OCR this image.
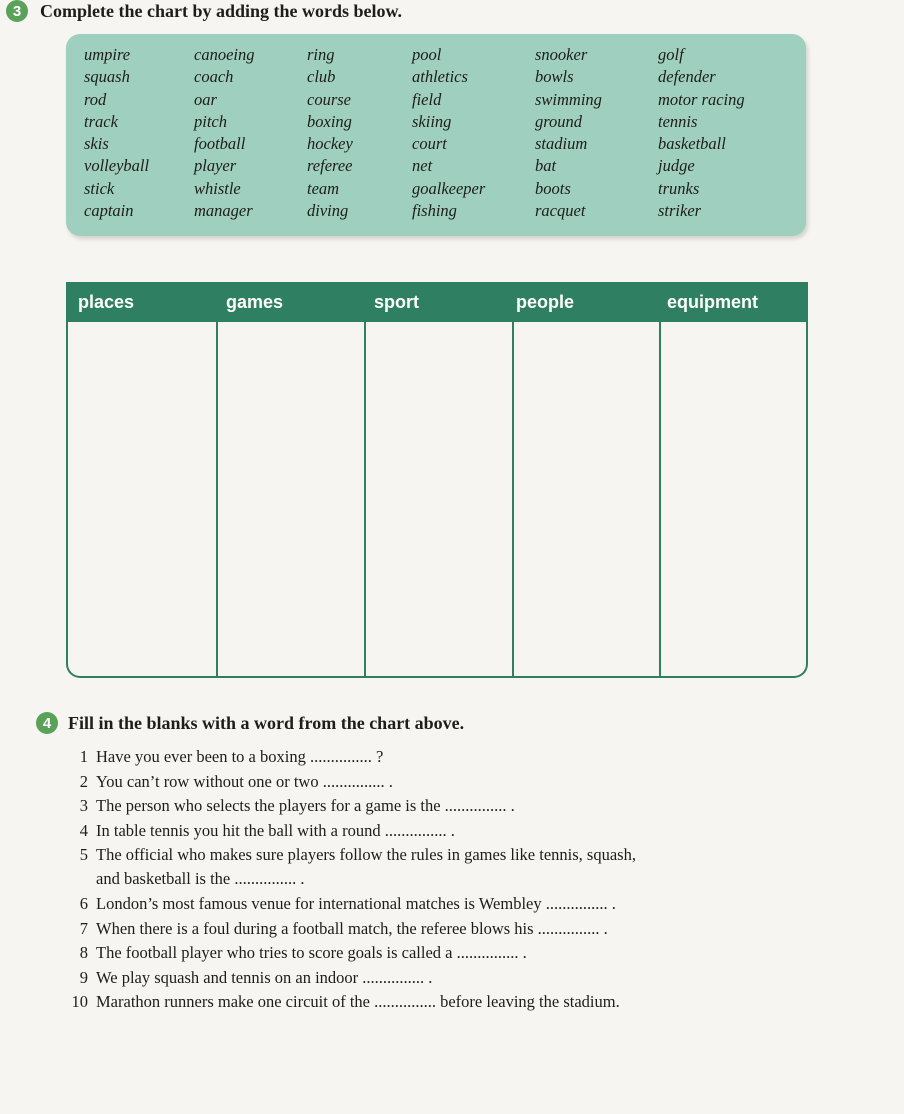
3	Complete the chart by adding the words below.
umpire	canoeing	ring	pool	snooker	golf
squash	coach	club	athletics	bowls	defender
rod	oar	course	field	swimming	motor racing
track	pitch	boxing	skiing	ground	tennis
skis	football	hockey	court	stadium	basketball
volleyball	player	referee	net	bat	judge
stick	whistle	team	goalkeeper	boots	trunks
captain	manager	diving	fishing	racquet	striker
places	games	sport	people	equipment
4 Fill in the blanks with a word from the chart above.
1 Have you ever been to a boxing ............... ?
2 You can’t row without one or two ............... .
3 The person who selects the players for a game is the ............... .
4 In table tennis you hit the ball with a round ............... .
5 The official who makes sure players follow the rules in games like tennis, squash,
and basketball is the ............... .
6 London’s most famous venue for international matches is Wembley ............... .
7 When there is a foul during a football match, the referee blows his ............... .
8 The football player who tries to score goals is called a ............... .
9 We play squash and tennis on an indoor ............... .
10 Marathon runners make one circuit of the ............... before leaving the stadium.
